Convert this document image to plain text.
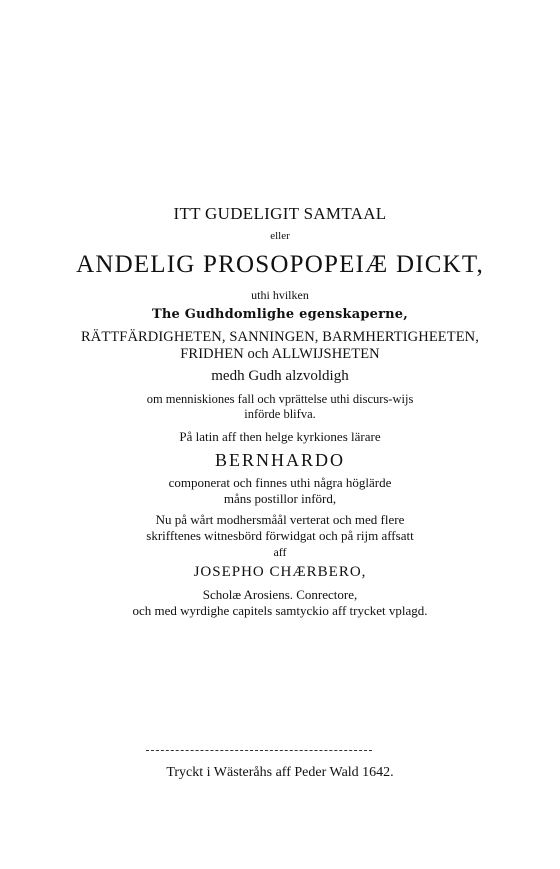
ITT GUDELIGIT SAMTAAL
eller
ANDELIG PROSOPOPEIÆ DICKT,
uthi hvilken
The Gudhdomlighe egenskaperne,
RÄTTFÄRDIGHETEN, SANNINGEN, BARMHERTIGHEETEN,
FRIDHEN och ALLWIJSHETEN
medh Gudh alzvoldigh
om menniskiones fall och vprättelse uthi discurs-wijs
införde blifva.
På latin aff then helge kyrkiones lärare
BERNHARDO
componerat och finnes uthi några höglärde
måns postillor införd,
Nu på wårt modhersmåål verterat och med flere
skrifftenes witnesbörd förwidgat och på rijm affsatt
aff
JOSEPHO CHÆRBERO,
Scholæ Arosiens. Conrectore,
och med wyrdighe capitels samtyckio aff trycket vplagd.
Tryckt i Wästeråhs aff Peder Wald 1642.
